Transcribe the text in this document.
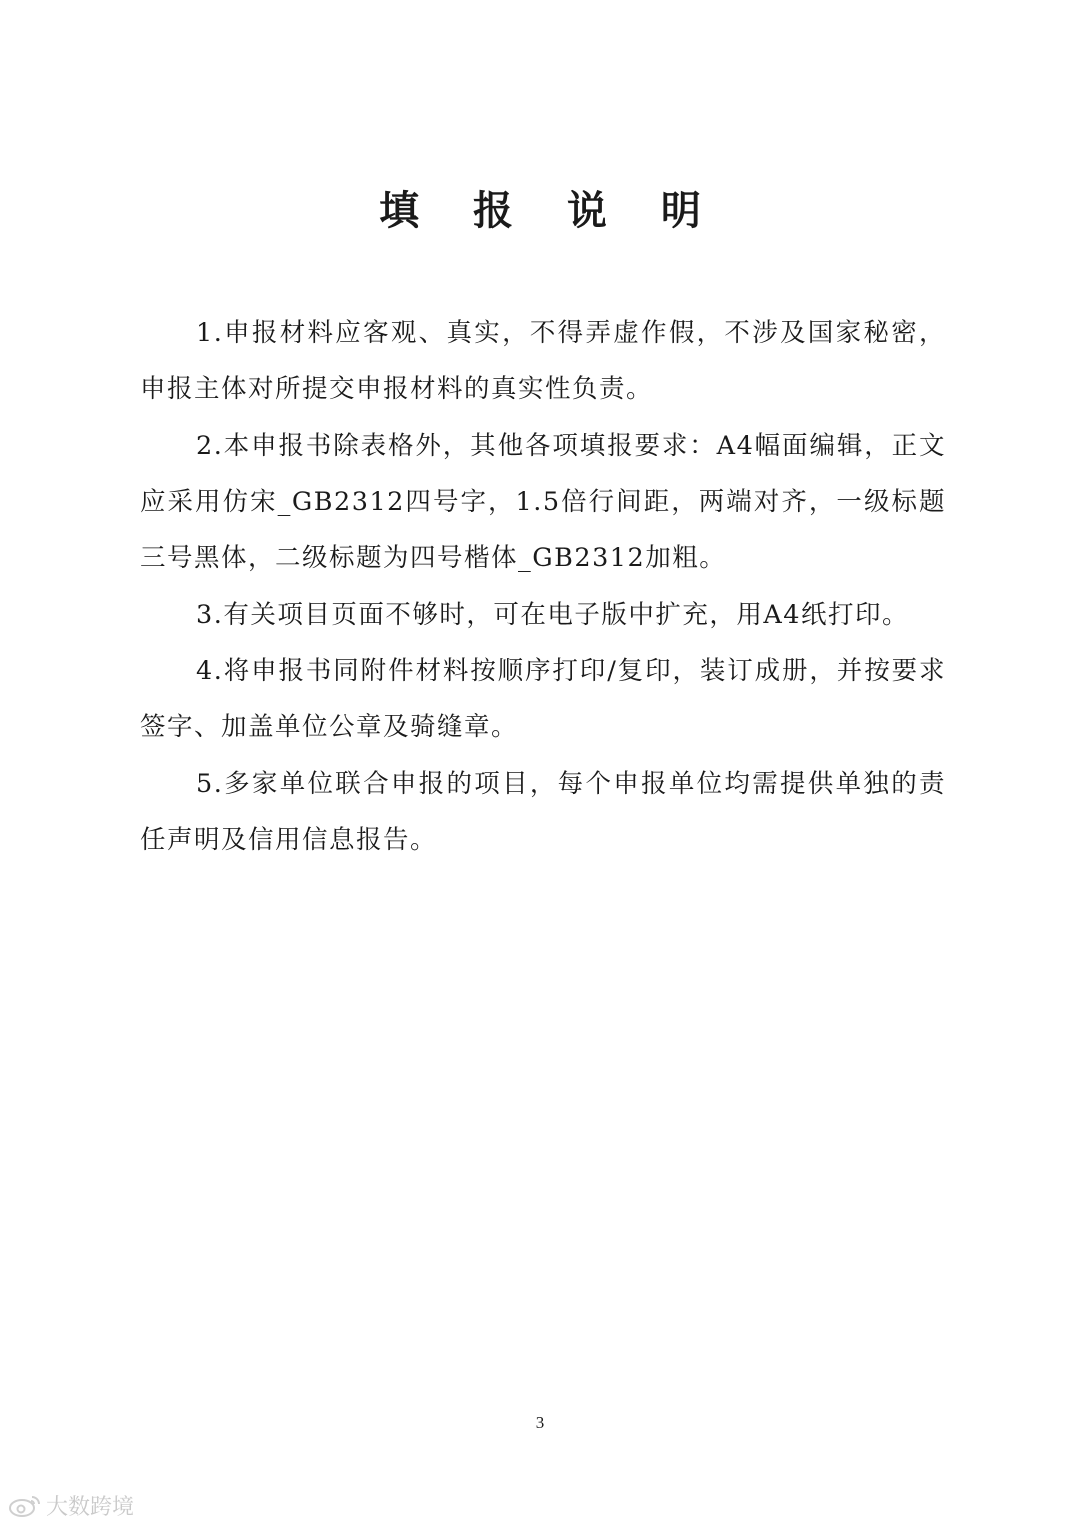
填 报 说 明

1.申报材料应客观、真实，不得弄虚作假，不涉及国家秘密，申报主体对所提交申报材料的真实性负责。

2.本申报书除表格外，其他各项填报要求：A4幅面编辑，正文应采用仿宋_GB2312四号字，1.5倍行间距，两端对齐，一级标题三号黑体，二级标题为四号楷体_GB2312加粗。

3.有关项目页面不够时，可在电子版中扩充，用A4纸打印。

4.将申报书同附件材料按顺序打印/复印，装订成册，并按要求签字、加盖单位公章及骑缝章。

5.多家单位联合申报的项目，每个申报单位均需提供单独的责任声明及信用信息报告。

3
大数跨境
